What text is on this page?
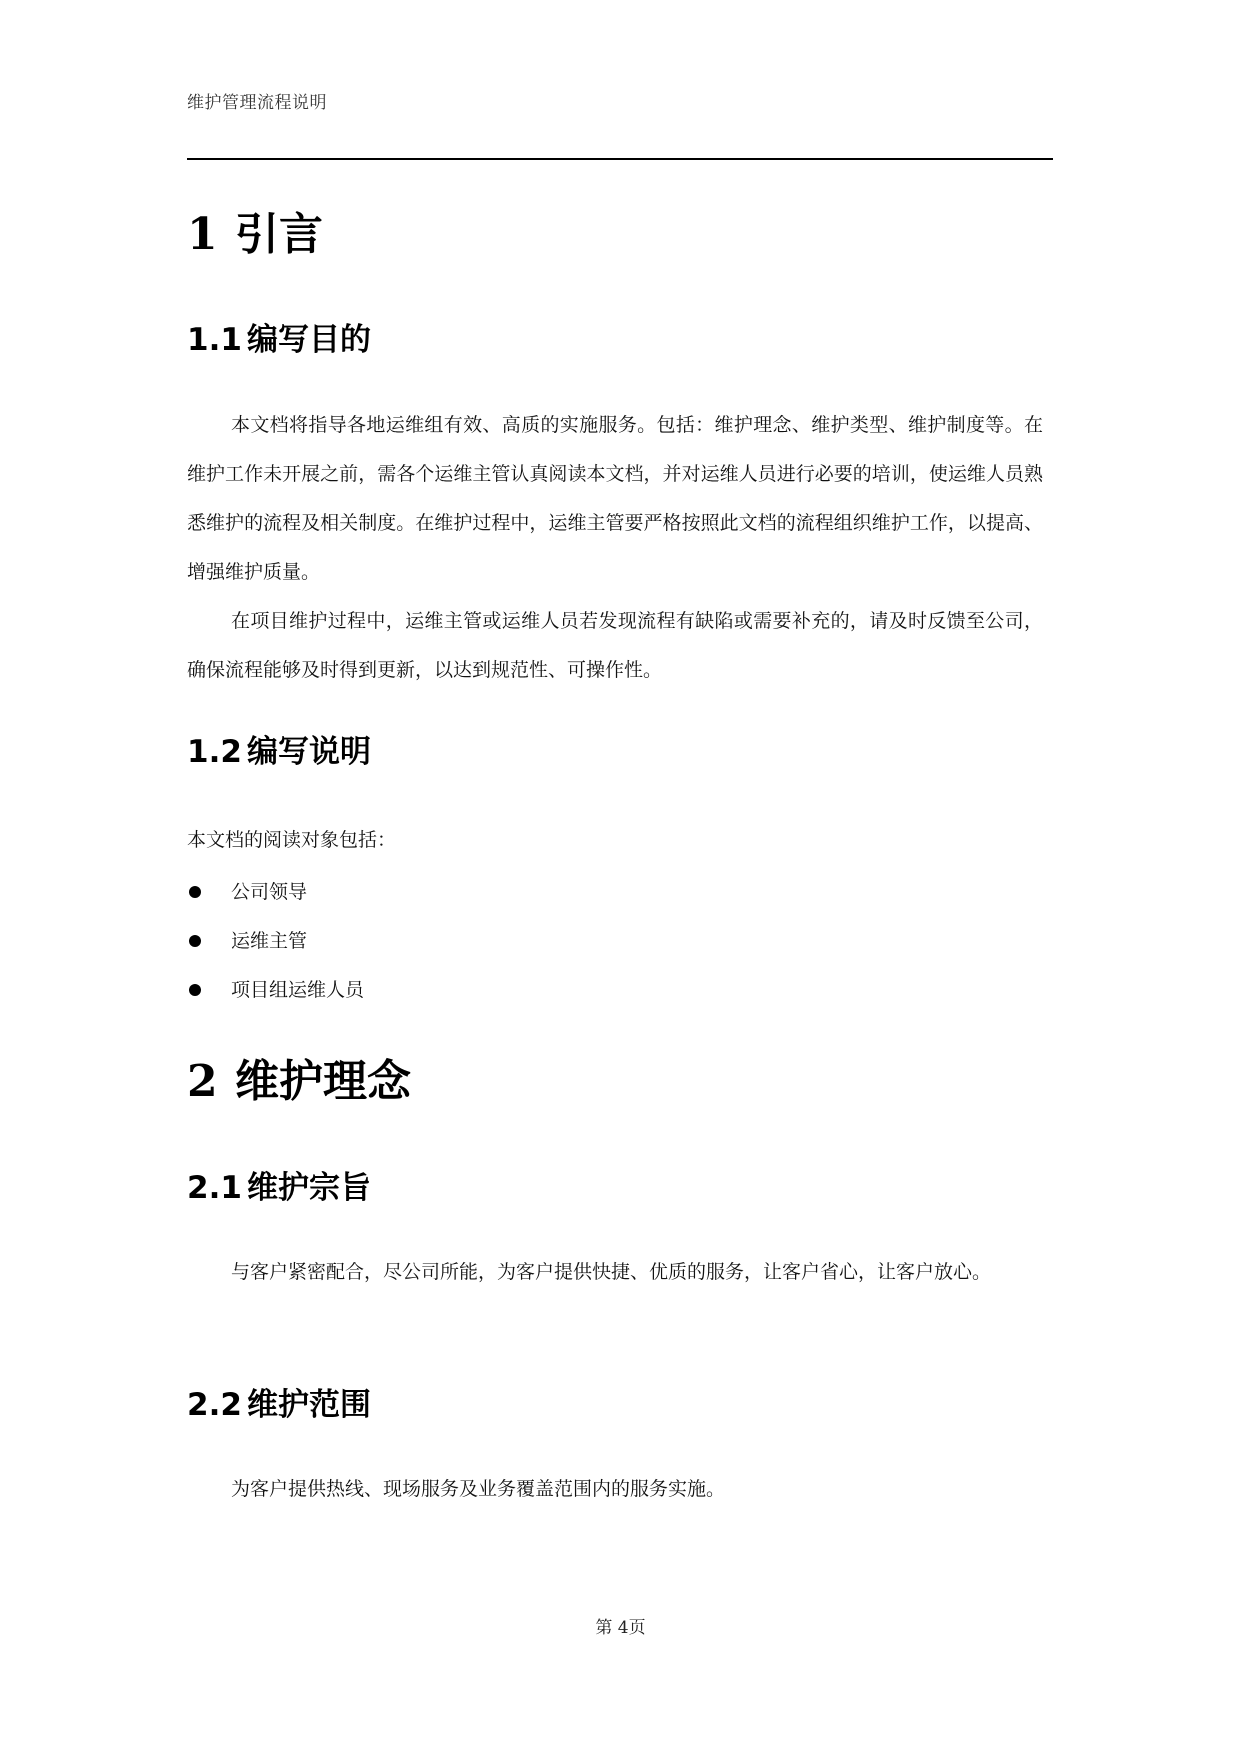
维护管理流程说明
1 引言
1.1 编写目的

本文档将指导各地运维组有效、高质的实施服务。包括：维护理念、维护类型、维护制度等。在维护工作未开展之前，需各个运维主管认真阅读本文档，并对运维人员进行必要的培训，使运维人员熟悉维护的流程及相关制度。在维护过程中，运维主管要严格按照此文档的流程组织维护工作，以提高、增强维护质量。

在项目维护过程中，运维主管或运维人员若发现流程有缺陷或需要补充的，请及时反馈至公司，确保流程能够及时得到更新，以达到规范性、可操作性。

1.2 编写说明
本文档的阅读对象包括：
公司领导
运维主管
项目组运维人员
2 维护理念
2.1 维护宗旨

与客户紧密配合，尽公司所能，为客户提供快捷、优质的服务，让客户省心，让客户放心。

2.2 维护范围

为客户提供热线、现场服务及业务覆盖范围内的服务实施。

第 4页
